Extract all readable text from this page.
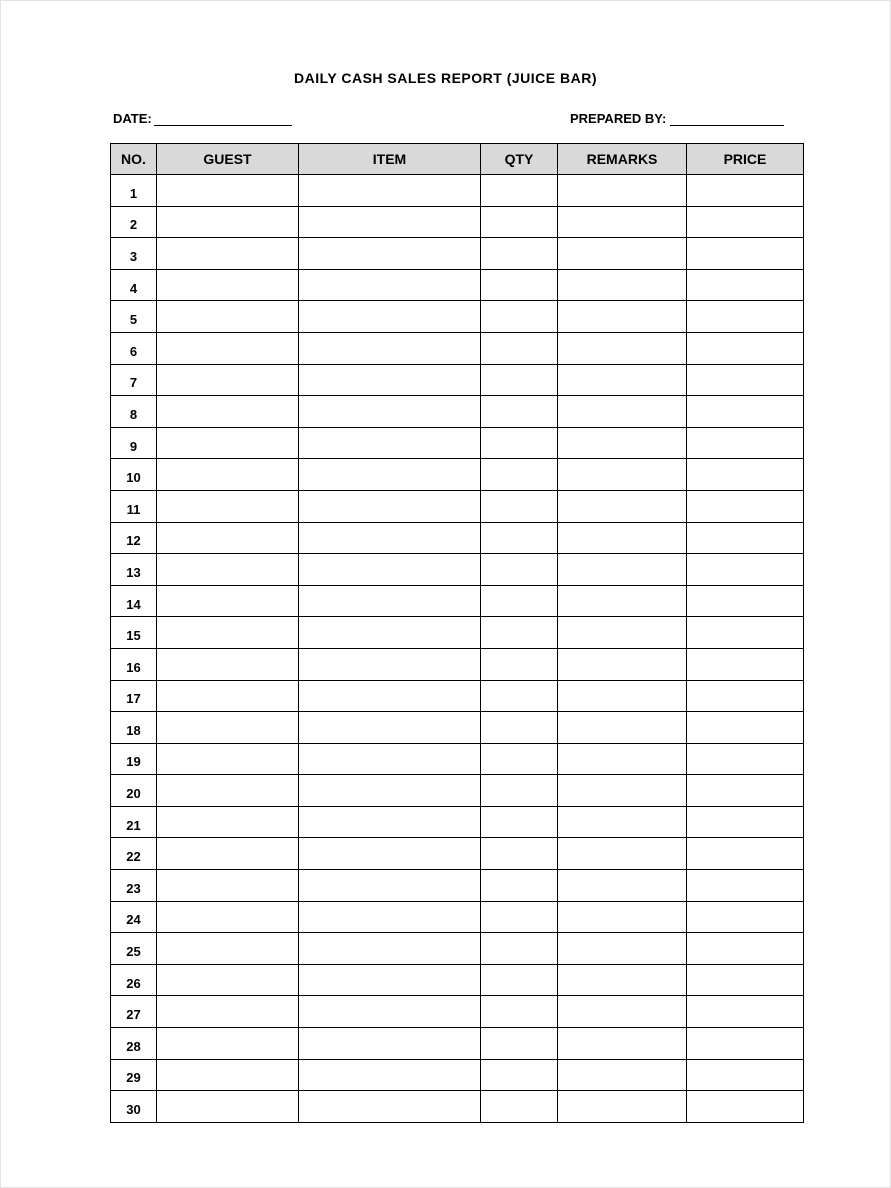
DAILY CASH SALES REPORT (JUICE BAR)
DATE:	PREPARED BY:
NO.	GUEST	ITEM	QTY	REMARKS	PRICE
1					
2					
3					
4					
5					
6					
7					
8					
9					
10					
11					
12					
13					
14					
15					
16					
17					
18					
19					
20					
21					
22					
23					
24					
25					
26					
27					
28					
29					
30					
